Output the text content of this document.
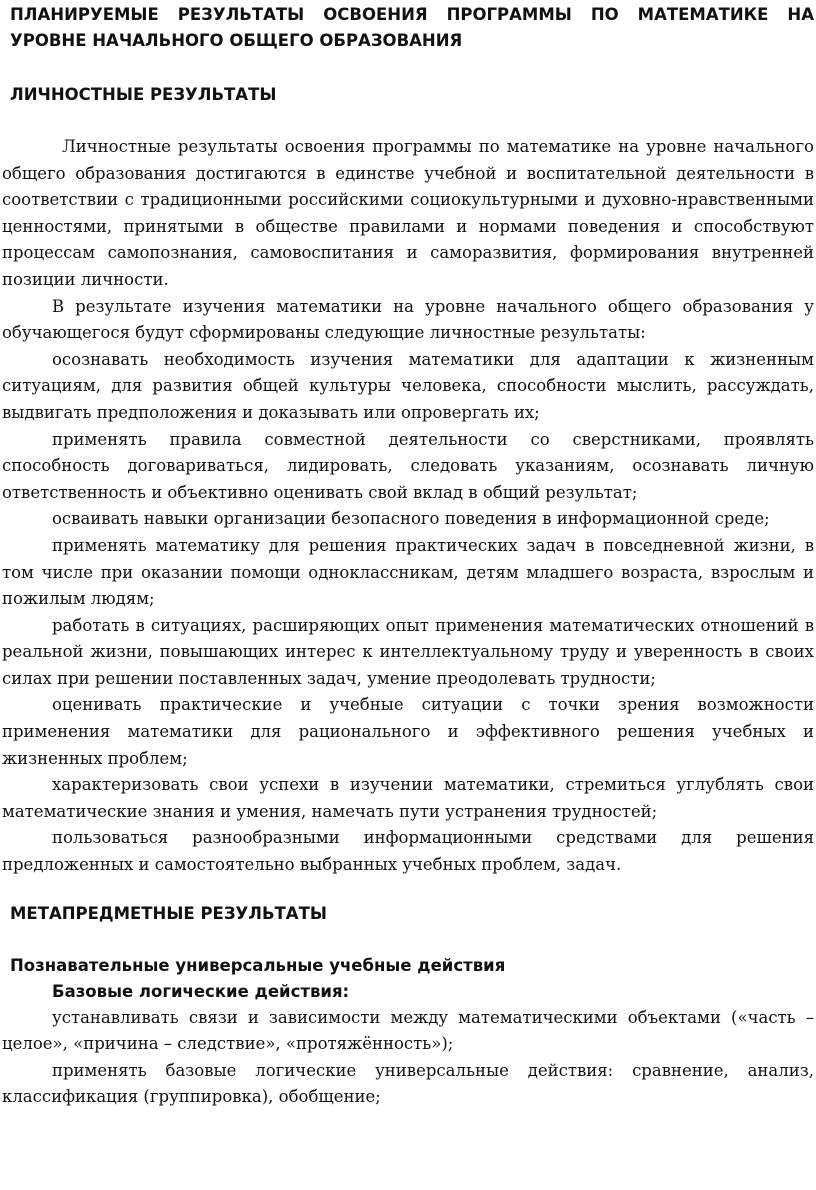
ПЛАНИРУЕМЫЕ РЕЗУЛЬТАТЫ ОСВОЕНИЯ ПРОГРАММЫ ПО МАТЕМАТИКЕ НА УРОВНЕ НАЧАЛЬНОГО ОБЩЕГО ОБРАЗОВАНИЯ
ЛИЧНОСТНЫЕ РЕЗУЛЬТАТЫ

Личностные результаты освоения программы по математике на уровне начального общего образования достигаются в единстве учебной и воспитательной деятельности в соответствии с традиционными российскими социокультурными и духовно-нравственными ценностями, принятыми в обществе правилами и нормами поведения и способствуют процессам самопознания, самовоспитания и саморазвития, формирования внутренней позиции личности.

В результате изучения математики на уровне начального общего образования у обучающегося будут сформированы следующие личностные результаты:

осознавать необходимость изучения математики для адаптации к жизненным ситуациям, для развития общей культуры человека, способности мыслить, рассуждать, выдвигать предположения и доказывать или опровергать их;

применять правила совместной деятельности со сверстниками, проявлять способность договариваться, лидировать, следовать указаниям, осознавать личную ответственность и объективно оценивать свой вклад в общий результат;

осваивать навыки организации безопасного поведения в информационной среде;

применять математику для решения практических задач в повседневной жизни, в том числе при оказании помощи одноклассникам, детям младшего возраста, взрослым и пожилым людям;

работать в ситуациях, расширяющих опыт применения математических отношений в реальной жизни, повышающих интерес к интеллектуальному труду и уверенность в своих силах при решении поставленных задач, умение преодолевать трудности;

оценивать практические и учебные ситуации с точки зрения возможности применения математики для рационального и эффективного решения учебных и жизненных проблем;

характеризовать свои успехи в изучении математики, стремиться углублять свои математические знания и умения, намечать пути устранения трудностей;

пользоваться разнообразными информационными средствами для решения предложенных и самостоятельно выбранных учебных проблем, задач.

МЕТАПРЕДМЕТНЫЕ РЕЗУЛЬТАТЫ
Познавательные универсальные учебные действия
Базовые логические действия:

устанавливать связи и зависимости между математическими объектами («часть – целое», «причина – следствие», «протяжённость»);

применять базовые логические универсальные действия: сравнение, анализ, классификация (группировка), обобщение;
